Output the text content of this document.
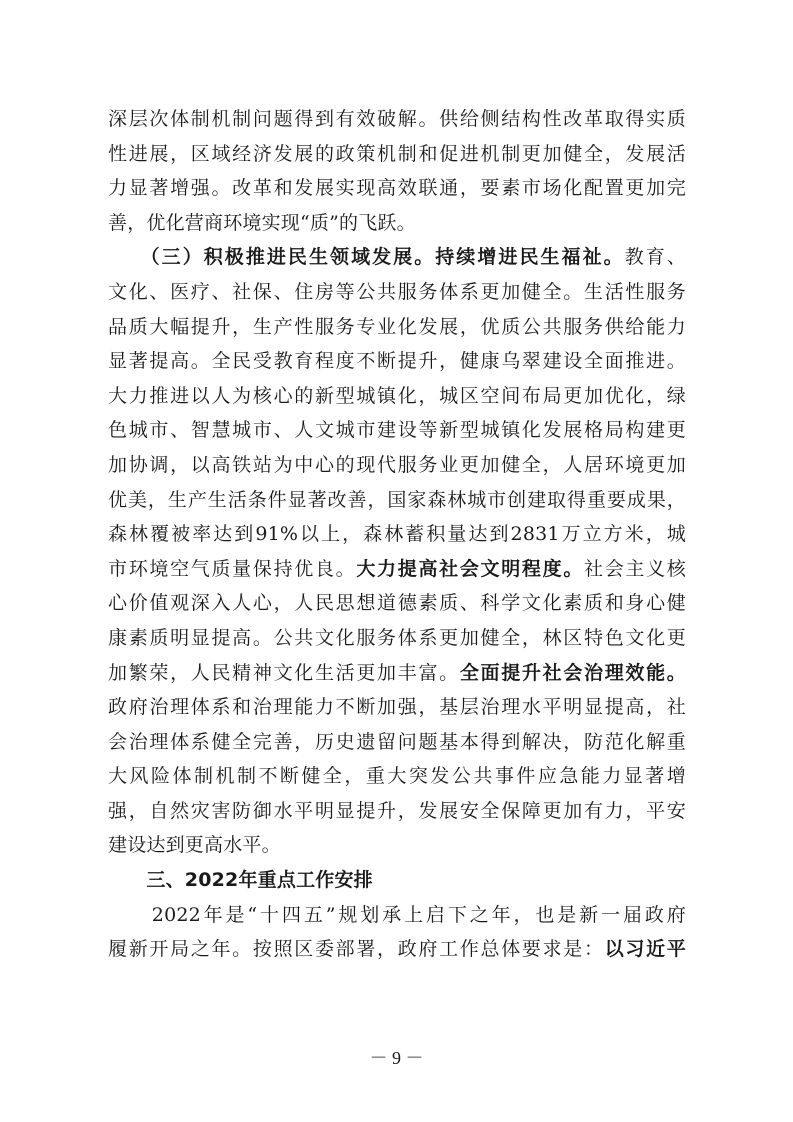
深层次体制机制问题得到有效破解。供给侧结构性改革取得实质
性进展，区域经济发展的政策机制和促进机制更加健全，发展活
力显著增强。改革和发展实现高效联通，要素市场化配置更加完
善，优化营商环境实现“质”的飞跃。
　　（三）积极推进民生领域发展。持续增进民生福祉。教育、
文化、医疗、社保、住房等公共服务体系更加健全。生活性服务
品质大幅提升，生产性服务专业化发展，优质公共服务供给能力
显著提高。全民受教育程度不断提升，健康乌翠建设全面推进。
大力推进以人为核心的新型城镇化，城区空间布局更加优化，绿
色城市、智慧城市、人文城市建设等新型城镇化发展格局构建更
加协调，以高铁站为中心的现代服务业更加健全，人居环境更加
优美，生产生活条件显著改善，国家森林城市创建取得重要成果，
森林覆被率达到91%以上，森林蓄积量达到2831万立方米，城
市环境空气质量保持优良。大力提高社会文明程度。社会主义核
心价值观深入人心，人民思想道德素质、科学文化素质和身心健
康素质明显提高。公共文化服务体系更加健全，林区特色文化更
加繁荣，人民精神文化生活更加丰富。全面提升社会治理效能。
政府治理体系和治理能力不断加强，基层治理水平明显提高，社
会治理体系健全完善，历史遗留问题基本得到解决，防范化解重
大风险体制机制不断健全，重大突发公共事件应急能力显著增
强，自然灾害防御水平明显提升，发展安全保障更加有力，平安
建设达到更高水平。
　　三、2022年重点工作安排
　　2022年是“十四五”规划承上启下之年，也是新一届政府
履新开局之年。按照区委部署，政府工作总体要求是：以习近平
－ 9 －
